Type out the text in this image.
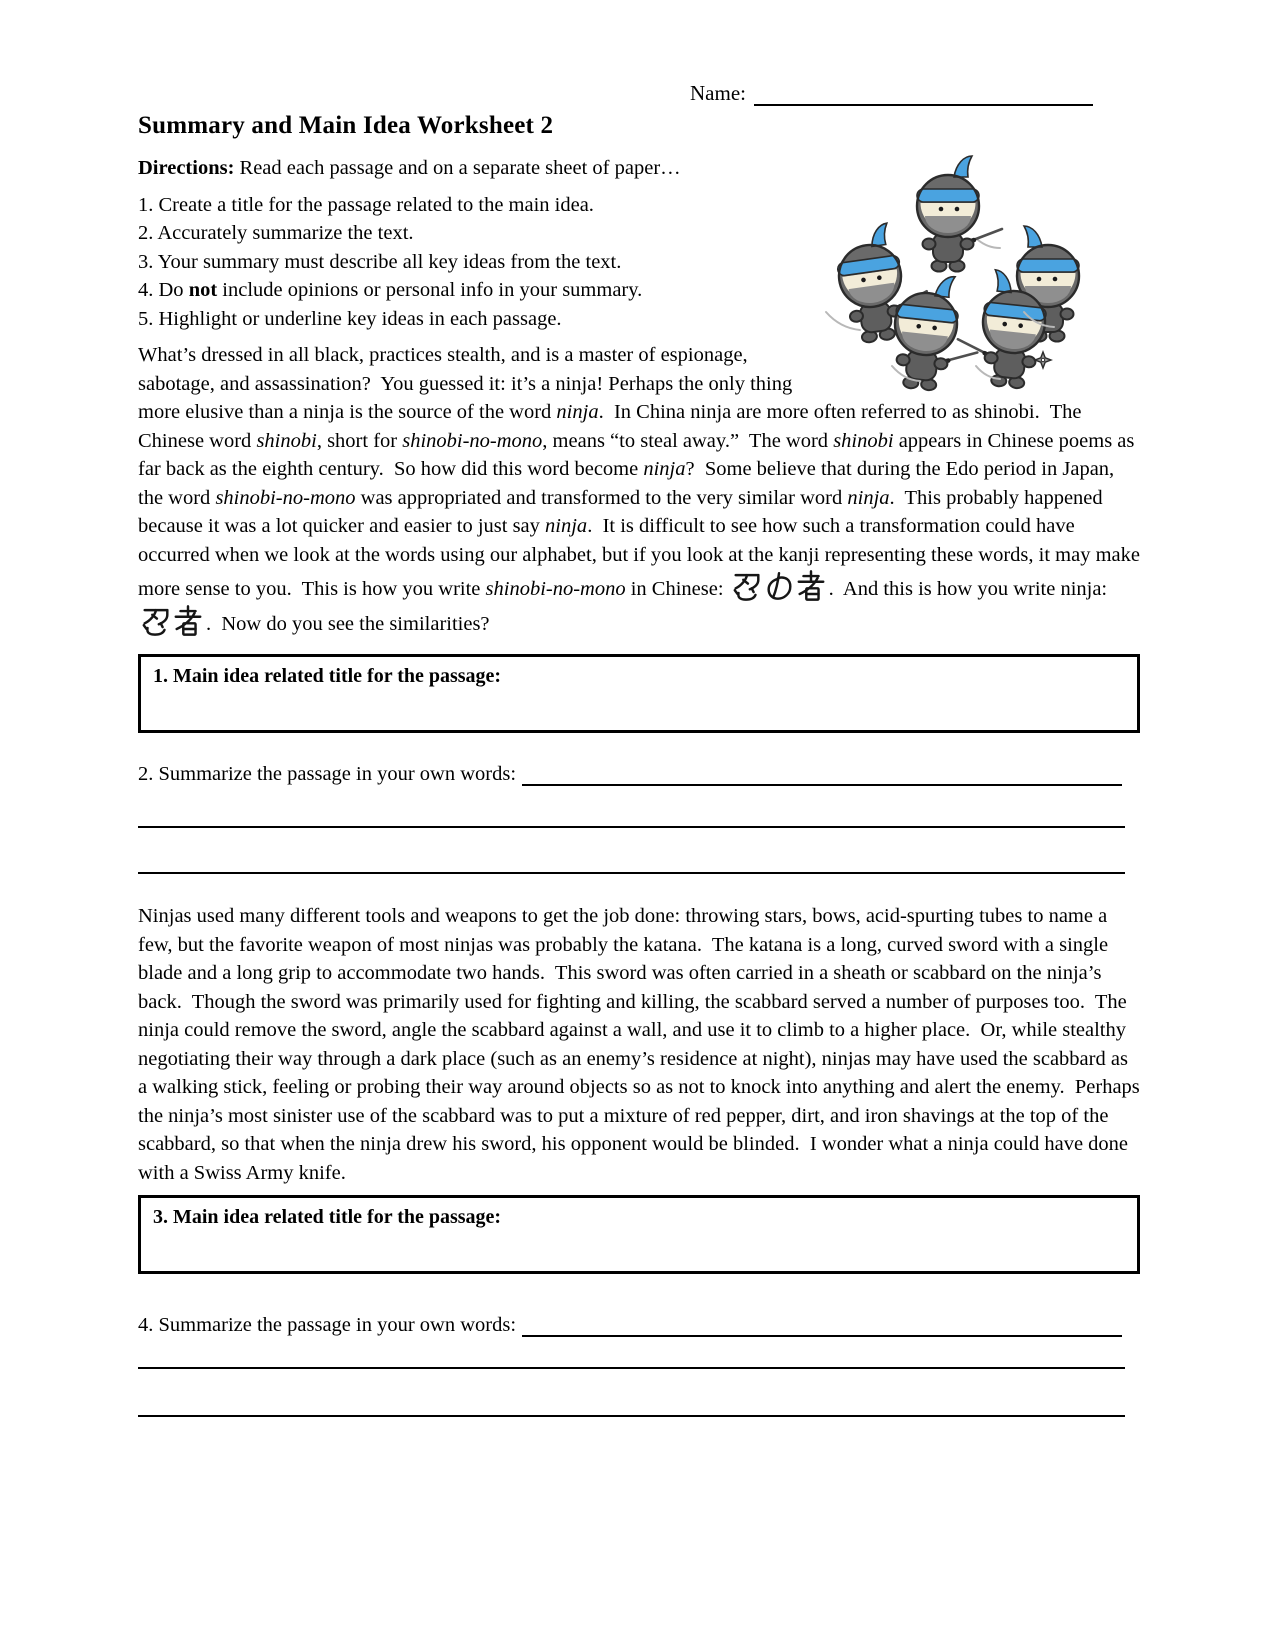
Name:
Summary and Main Idea Worksheet 2

Directions: Read each passage and on a separate sheet of paper…

1. Create a title for the passage related to the main idea.

2. Accurately summarize the text.

3. Your summary must describe all key ideas from the text.

4. Do not include opinions or personal info in your summary.

5. Highlight or underline key ideas in each passage.

What’s dressed in all black, practices stealth, and is a master of espionage, sabotage, and assassination?  You guessed it: it’s a ninja! Perhaps the only thing more elusive than a ninja is the source of the word ninja.  In China ninja are more often referred to as shinobi.  The Chinese word shinobi, short for shinobi-no-mono, means “to steal away.”  The word shinobi appears in Chinese poems as far back as the eighth century.  So how did this word become ninja?  Some believe that during the Edo period in Japan, the word shinobi-no-mono was appropriated and transformed to the very similar word ninja.  This probably happened because it was a lot quicker and easier to just say ninja.  It is difficult to see how such a transformation could have occurred when we look at the words using our alphabet, but if you look at the kanji representing these words, it may make more sense to you.  This is how you write shinobi-no-mono in Chinese:	.  And this is how you write ninja: .  Now do you see the similarities?

1. Main idea related title for the passage:
2. Summarize the passage in your own words:

Ninjas used many different tools and weapons to get the job done: throwing stars, bows, acid-spurting tubes to name a few, but the favorite weapon of most ninjas was probably the katana.  The katana is a long, curved sword with a single blade and a long grip to accommodate two hands.  This sword was often carried in a sheath or scabbard on the ninja’s back.  Though the sword was primarily used for fighting and killing, the scabbard served a number of purposes too.  The ninja could remove the sword, angle the scabbard against a wall, and use it to climb to a higher place.  Or, while stealthy negotiating their way through a dark place (such as an enemy’s residence at night), ninjas may have used the scabbard as a walking stick, feeling or probing their way around objects so as not to knock into anything and alert the enemy.  Perhaps the ninja’s most sinister use of the scabbard was to put a mixture of red pepper, dirt, and iron shavings at the top of the scabbard, so that when the ninja drew his sword, his opponent would be blinded.  I wonder what a ninja could have done with a Swiss Army knife.

3. Main idea related title for the passage:
4. Summarize the passage in your own words:
